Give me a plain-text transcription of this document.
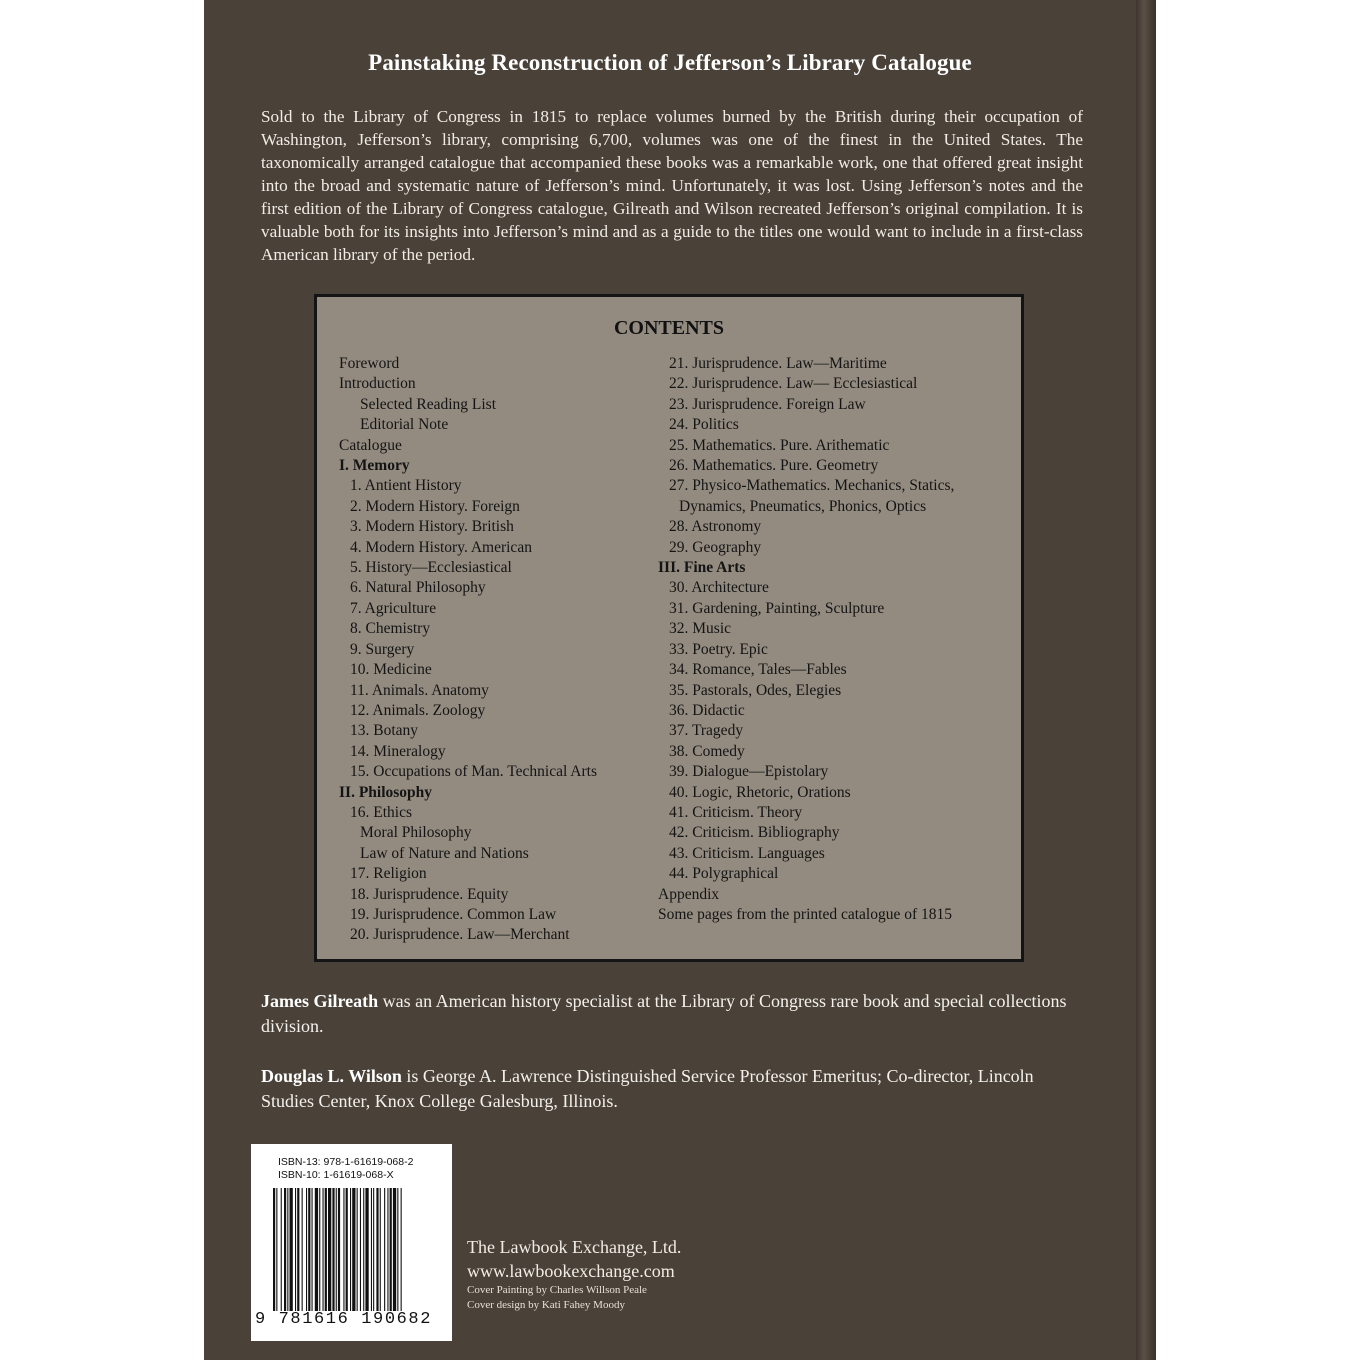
Painstaking Reconstruction of Jefferson’s Library Catalogue

Sold to the Library of Congress in 1815 to replace volumes burned by the British during their occupation of Washington, Jefferson’s library, comprising 6,700, volumes was one of the finest in the United States. The taxonomically arranged catalogue that accompanied these books was a remarkable work, one that offered great insight into the broad and systematic nature of Jefferson’s mind. Unfortunately, it was lost. Using Jefferson’s notes and the first edition of the Library of Congress catalogue, Gilreath and Wilson recreated Jefferson’s original compilation. It is valuable both for its insights into Jefferson’s mind and as a guide to the titles one would want to include in a first-class American library of the period.

CONTENTS
Foreword
Introduction
Selected Reading List
Editorial Note
Catalogue
I. Memory
1. Antient History
2. Modern History. Foreign
3. Modern History. British
4. Modern History. American
5. History—Ecclesiastical
6. Natural Philosophy
7. Agriculture
8. Chemistry
9. Surgery
10. Medicine
11. Animals. Anatomy
12. Animals. Zoology
13. Botany
14. Mineralogy
15. Occupations of Man. Technical Arts
II. Philosophy
16. Ethics
Moral Philosophy
Law of Nature and Nations
17. Religion
18. Jurisprudence. Equity
19. Jurisprudence. Common Law
20. Jurisprudence. Law—Merchant
21. Jurisprudence. Law—Maritime
22. Jurisprudence. Law— Ecclesiastical
23. Jurisprudence. Foreign Law
24. Politics
25. Mathematics. Pure. Arithematic
26. Mathematics. Pure. Geometry
27. Physico-Mathematics. Mechanics, Statics,
Dynamics, Pneumatics, Phonics, Optics
28. Astronomy
29. Geography
III. Fine Arts
30. Architecture
31. Gardening, Painting, Sculpture
32. Music
33. Poetry. Epic
34. Romance, Tales—Fables
35. Pastorals, Odes, Elegies
36. Didactic
37. Tragedy
38. Comedy
39. Dialogue—Epistolary
40. Logic, Rhetoric, Orations
41. Criticism. Theory
42. Criticism. Bibliography
43. Criticism. Languages
44. Polygraphical
Appendix
Some pages from the printed catalogue of 1815

James Gilreath was an American history specialist at the Library of Congress rare book and special collections division.

Douglas L. Wilson is George A. Lawrence Distinguished Service Professor Emeritus; Co-director, Lincoln Studies Center, Knox College Galesburg, Illinois.

ISBN-13: 978-1-61619-068-2
ISBN-10: 1-61619-068-X
9 781616 190682
The Lawbook Exchange, Ltd.
www.lawbookexchange.com
Cover Painting by Charles Willson Peale
Cover design by Kati Fahey Moody
